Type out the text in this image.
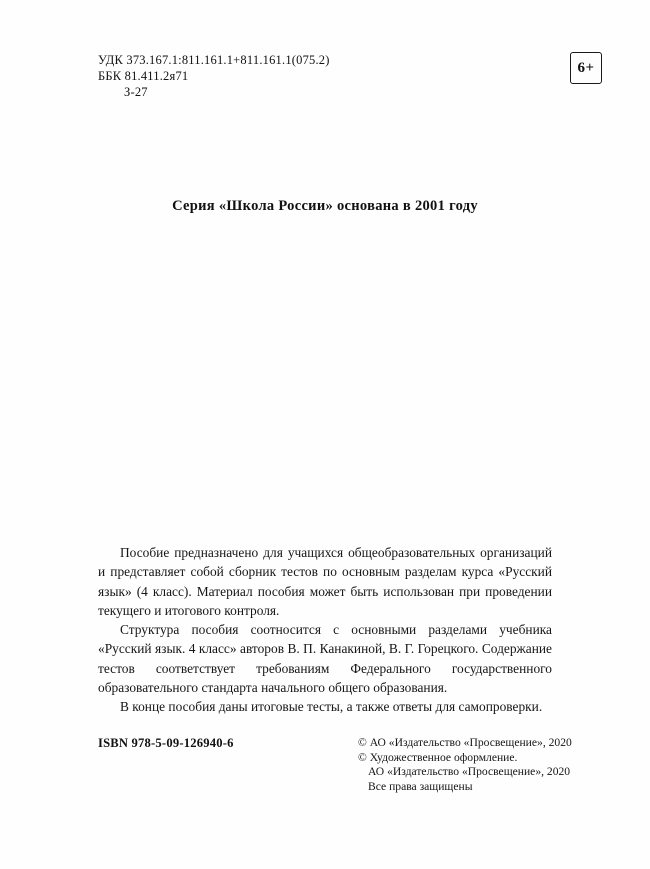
УДК 373.167.1:811.161.1+811.161.1(075.2)
ББК 81.411.2я71
З-27
6+
Серия «Школа России» основана в 2001 году

Пособие предназначено для учащихся общеобразовательных организаций и представляет собой сборник тестов по основным разделам курса «Русский язык» (4 класс). Материал пособия может быть использован при проведении текущего и итогового контроля.

Структура пособия соотносится с основными разделами учебника «Русский язык. 4 класс» авторов В. П. Канакиной, В. Г. Горецкого. Содержание тестов соответствует требованиям Федерального государственного образовательного стандарта начального общего образования.

В конце пособия даны итоговые тесты, а также ответы для самопроверки.

ISBN 978-5-09-126940-6	© АО «Издательство «Просвещение», 2020
© Художественное оформление.
АО «Издательство «Просвещение», 2020
Все права защищены
